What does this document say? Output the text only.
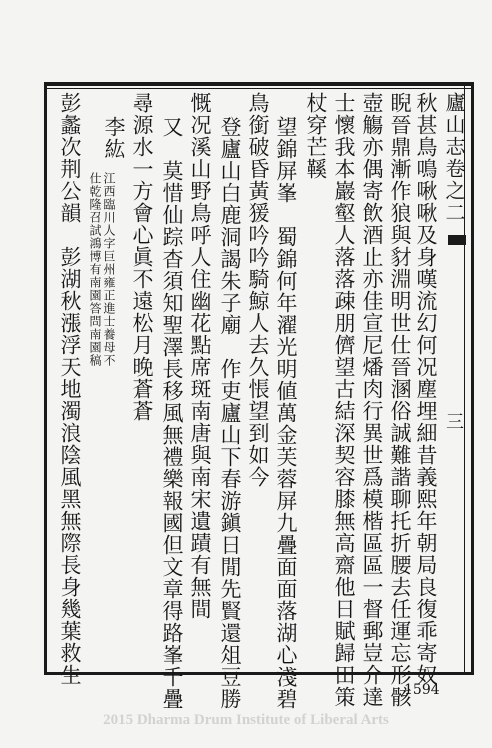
廬山志卷之二
三
秋甚鳥鳴啾啾及身嘆流幻何况塵埋細昔義熙年朝局良復乖寄奴
睨晉鼎漸作狼與豺淵明世仕晉溷俗誠難諧聊托折腰去任運忘形骸
壺觴亦偶寄飲酒止亦佳宣尼燔肉行異世爲模楷區區一督郵豈介達
士懷我本巖壑人落落疎朋儕望古結深契容膝無高齋他日賦歸田策
杖穿芒鞵
望錦屏峯　蜀錦何年濯光明値萬金芙蓉屏九疊面面落湖心淺碧
鳥銜破昏黃猨吟吟騎鯨人去久悵望到如今
登廬山白鹿洞謁朱子廟　作吏廬山下春游鎭日閒先賢還俎豆勝
慨况溪山野鳥呼人住幽花點席斑南唐與南宋遺蹟有無間
又　莫惜仙踪杳須知聖澤長移風無禮樂報國但文章得路峯千疊
尋源水一方會心眞不遠松月晚蒼蒼
李紘
江西臨川人字巨州雍正進士養母不
仕乾隆召試鴻博有南園答問南園稿
彭蠡次荆公韻　彭湖秋漲浮天地濁浪陰風黑無際長身幾葉救生
1594
2015 Dharma Drum Institute of Liberal Arts
